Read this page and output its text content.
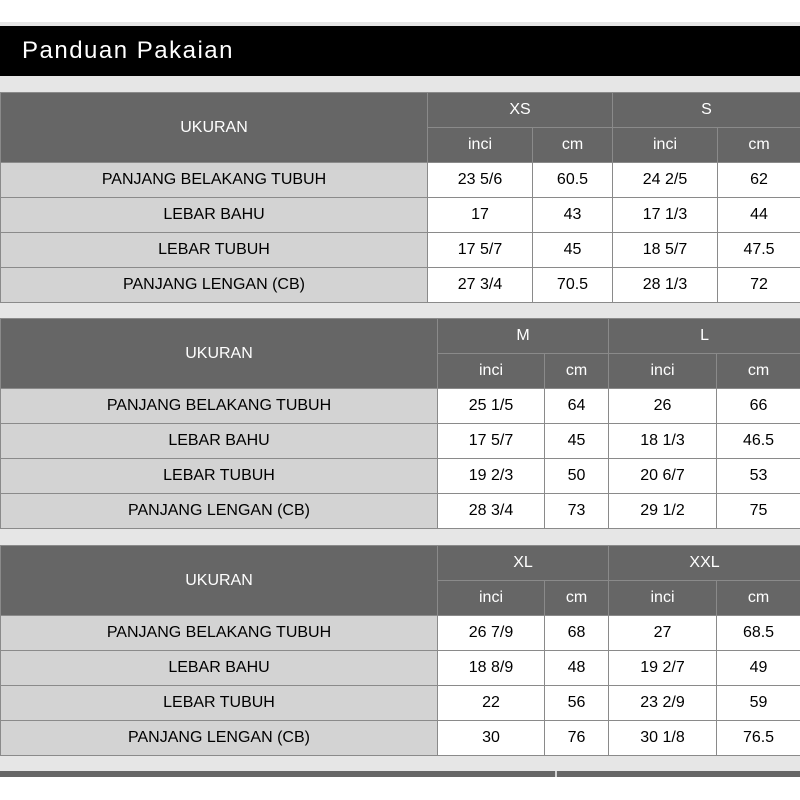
Panduan Pakaian
UKURAN	XS		S	
	inci	cm	inci	cm
PANJANG BELAKANG TUBUH	23 5/6	60.5	24 2/5	62
LEBAR BAHU	17	43	17 1/3	44
LEBAR TUBUH	17 5/7	45	18 5/7	47.5
PANJANG LENGAN (CB)	27 3/4	70.5	28 1/3	72
UKURAN	M		L	
	inci	cm	inci	cm
PANJANG BELAKANG TUBUH	25 1/5	64	26	66
LEBAR BAHU	17 5/7	45	18 1/3	46.5
LEBAR TUBUH	19 2/3	50	20 6/7	53
PANJANG LENGAN (CB)	28 3/4	73	29 1/2	75
UKURAN	XL		XXL	
	inci	cm	inci	cm
PANJANG BELAKANG TUBUH	26 7/9	68	27	68.5
LEBAR BAHU	18 8/9	48	19 2/7	49
LEBAR TUBUH	22	56	23 2/9	59
PANJANG LENGAN (CB)	30	76	30 1/8	76.5
